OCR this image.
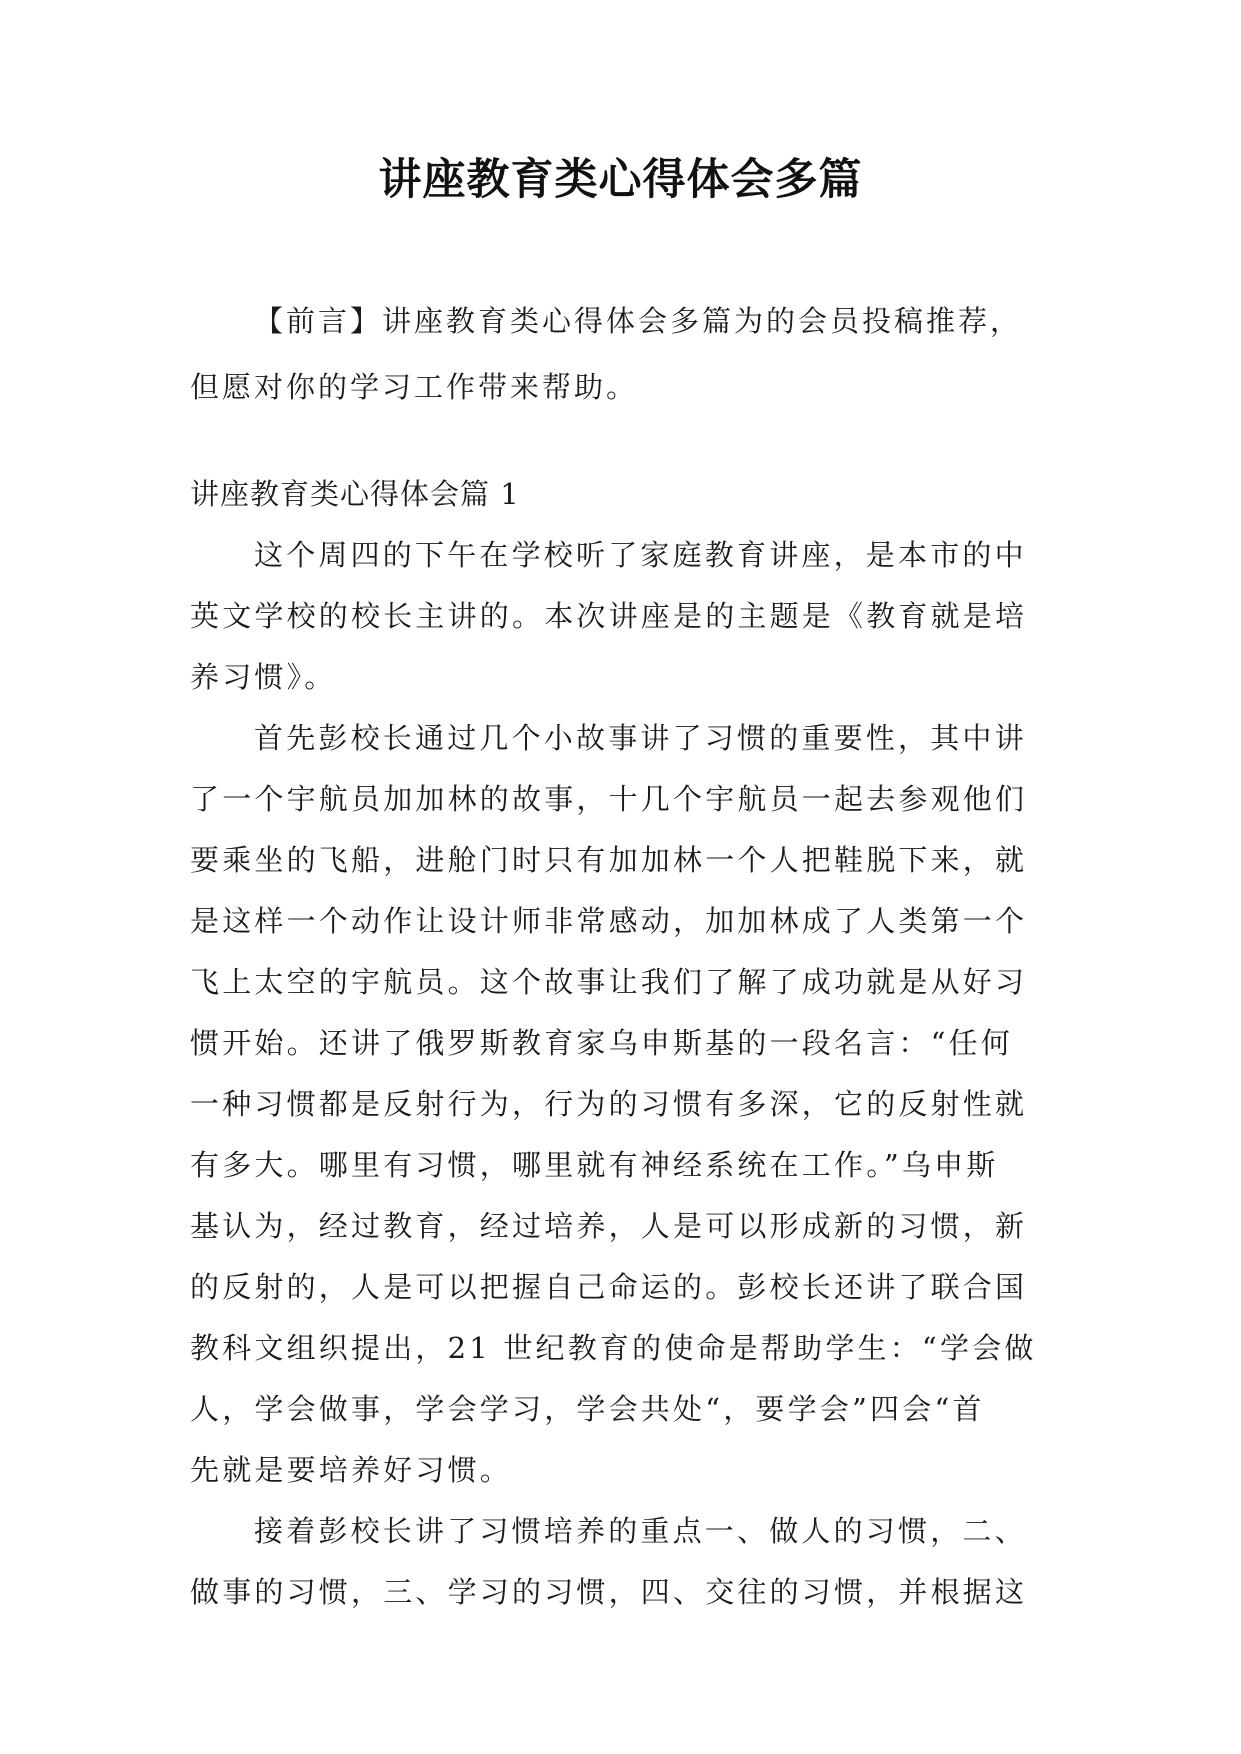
讲座教育类心得体会多篇
【前言】讲座教育类心得体会多篇为的会员投稿推荐，
但愿对你的学习工作带来帮助。
讲座教育类心得体会篇 1
这个周四的下午在学校听了家庭教育讲座，是本市的中
英文学校的校长主讲的。本次讲座是的主题是《教育就是培
养习惯》。
首先彭校长通过几个小故事讲了习惯的重要性，其中讲
了一个宇航员加加林的故事，十几个宇航员一起去参观他们
要乘坐的飞船，进舱门时只有加加林一个人把鞋脱下来，就
是这样一个动作让设计师非常感动，加加林成了人类第一个
飞上太空的宇航员。这个故事让我们了解了成功就是从好习
惯开始。还讲了俄罗斯教育家乌申斯基的一段名言：“任何
一种习惯都是反射行为，行为的习惯有多深，它的反射性就
有多大。哪里有习惯，哪里就有神经系统在工作。”乌申斯
基认为，经过教育，经过培养，人是可以形成新的习惯，新
的反射的，人是可以把握自己命运的。彭校长还讲了联合国
教科文组织提出，21 世纪教育的使命是帮助学生：“学会做
人，学会做事，学会学习，学会共处“，要学会”四会“首
先就是要培养好习惯。
接着彭校长讲了习惯培养的重点一、做人的习惯，二、
做事的习惯，三、学习的习惯，四、交往的习惯，并根据这
